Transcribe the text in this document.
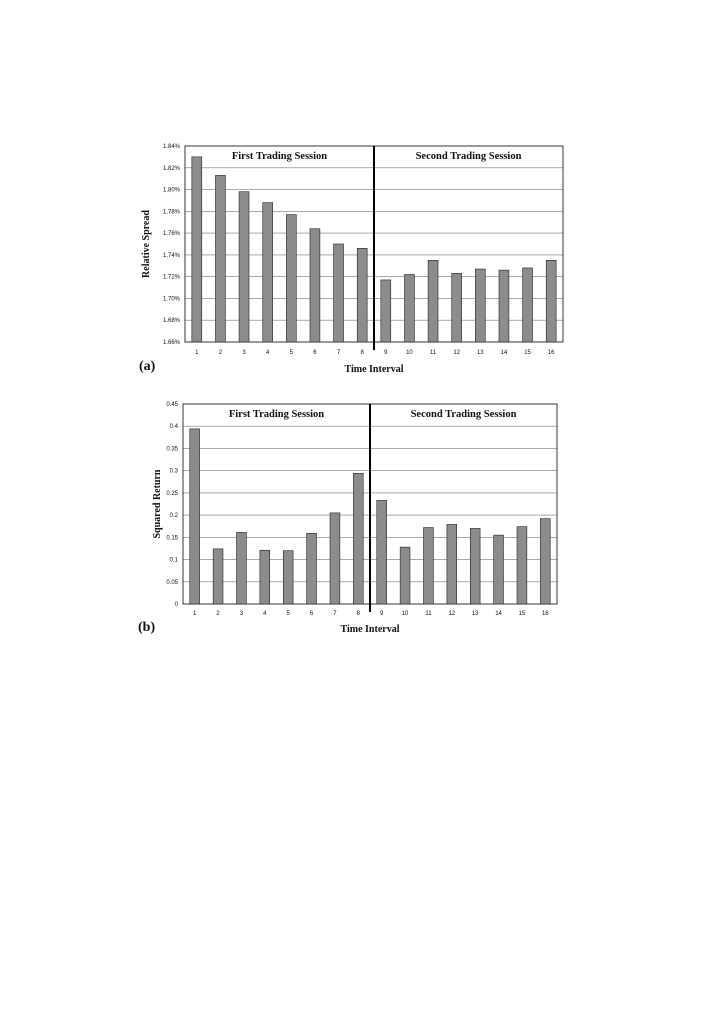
1.66%
1.68%
1.70%
1.72%
1.74%
1.76%
1.78%
1.80%
1.82%
1.84%
1	2	3	4	5	6	7	8	9	10	11	12	13	14	15	16
First Trading Session	Second Trading Session
Time Interval
Relative Spread
(a)
0
0.05
0.1
0.15
0.2
0.25
0.3
0.35
0.4
0.45
1	2	3	4	5	6	7	8	9	10	11	12	13	14	15	16
First Trading Session	Second Trading Session
Time Interval
Squared Return
(b)
